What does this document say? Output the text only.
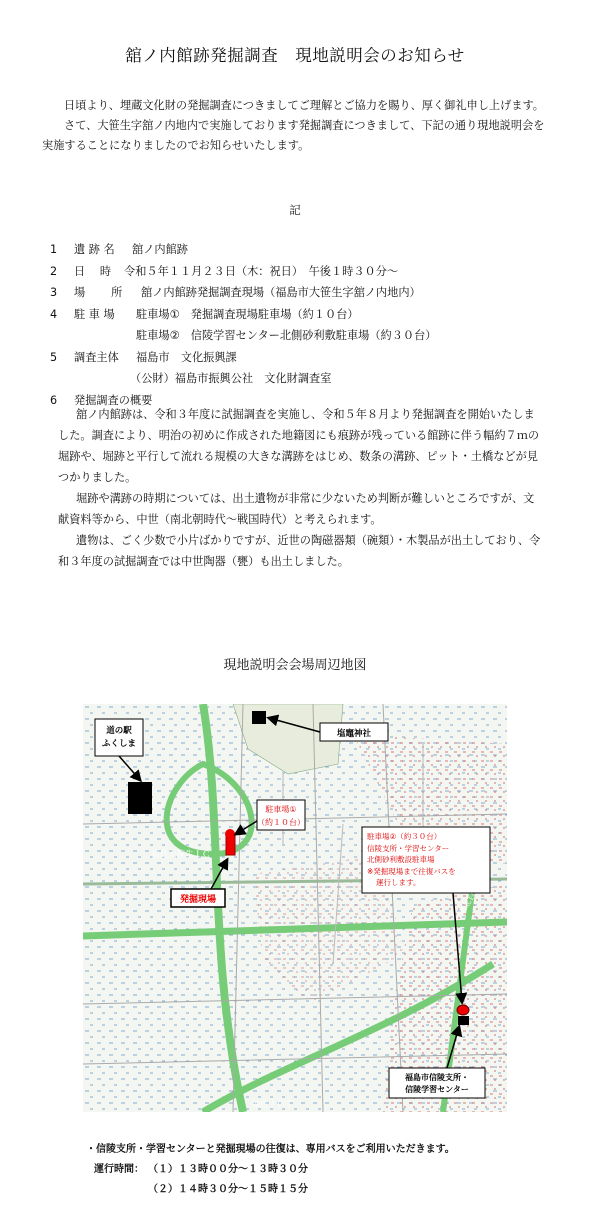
舘ノ内館跡発掘調査　現地説明会のお知らせ
日頃より、埋蔵文化財の発掘調査につきましてご理解とご協力を賜り、厚く御礼申し上げます。
さて、大笹生字舘ノ内地内で実施しております発掘調査につきまして、下記の通り現地説明会を実施することになりましたのでお知らせいたします。
記
1 遺 跡 名 舘ノ内館跡
2 日　 時 令和５年１１月２３日（木：祝日）　午後１時３０分～
3 場　　 所 舘ノ内館跡発掘調査現場（福島市大笹生字舘ノ内地内）
4 駐 車 場 駐車場①　発掘調査現場駐車場（約１０台）
駐車場②　信陵学習センター北側砂利敷駐車場（約３０台）
5 調査主体 福島市　文化振興課
（公財）福島市振興公社　文化財調査室
6 発掘調査の概要
舘ノ内館跡は、令和３年度に試掘調査を実施し、令和５年８月より発掘調査を開始いたしました。調査により、明治の初めに作成された地籍図にも痕跡が残っている館跡に伴う幅約７ｍの堀跡や、堀跡と平行して流れる規模の大きな溝跡をはじめ、数条の溝跡、ピット・土橋などが見つかりました。
堀跡や溝跡の時期については、出土遺物が非常に少ないため判断が難しいところですが、文献資料等から、中世（南北朝時代～戦国時代）と考えられます。
遺物は、ごく少数で小片ばかりですが、近世の陶磁器類（碗類）・木製品が出土しており、令和３年度の試掘調査では中世陶器（甕）も出土しました。
現地説明会会場周辺地図
福島大笹生ＩＣ
福島ＪＣＴ
道の駅
ふくしま
塩竈神社
駐車場①
（約１０台）
発掘現場
駐車場②（約３０台）
信陵支所・学習センター
北側砂利敷設駐車場
※発掘現場まで往復バスを
運行します。
福島市信陵支所・
信陵学習センター
・信陵支所・学習センターと発掘現場の往復は、専用バスをご利用いただきます。
運行時間： （１）１３時００分～１３時３０分
（２）１４時３０分～１５時１５分
